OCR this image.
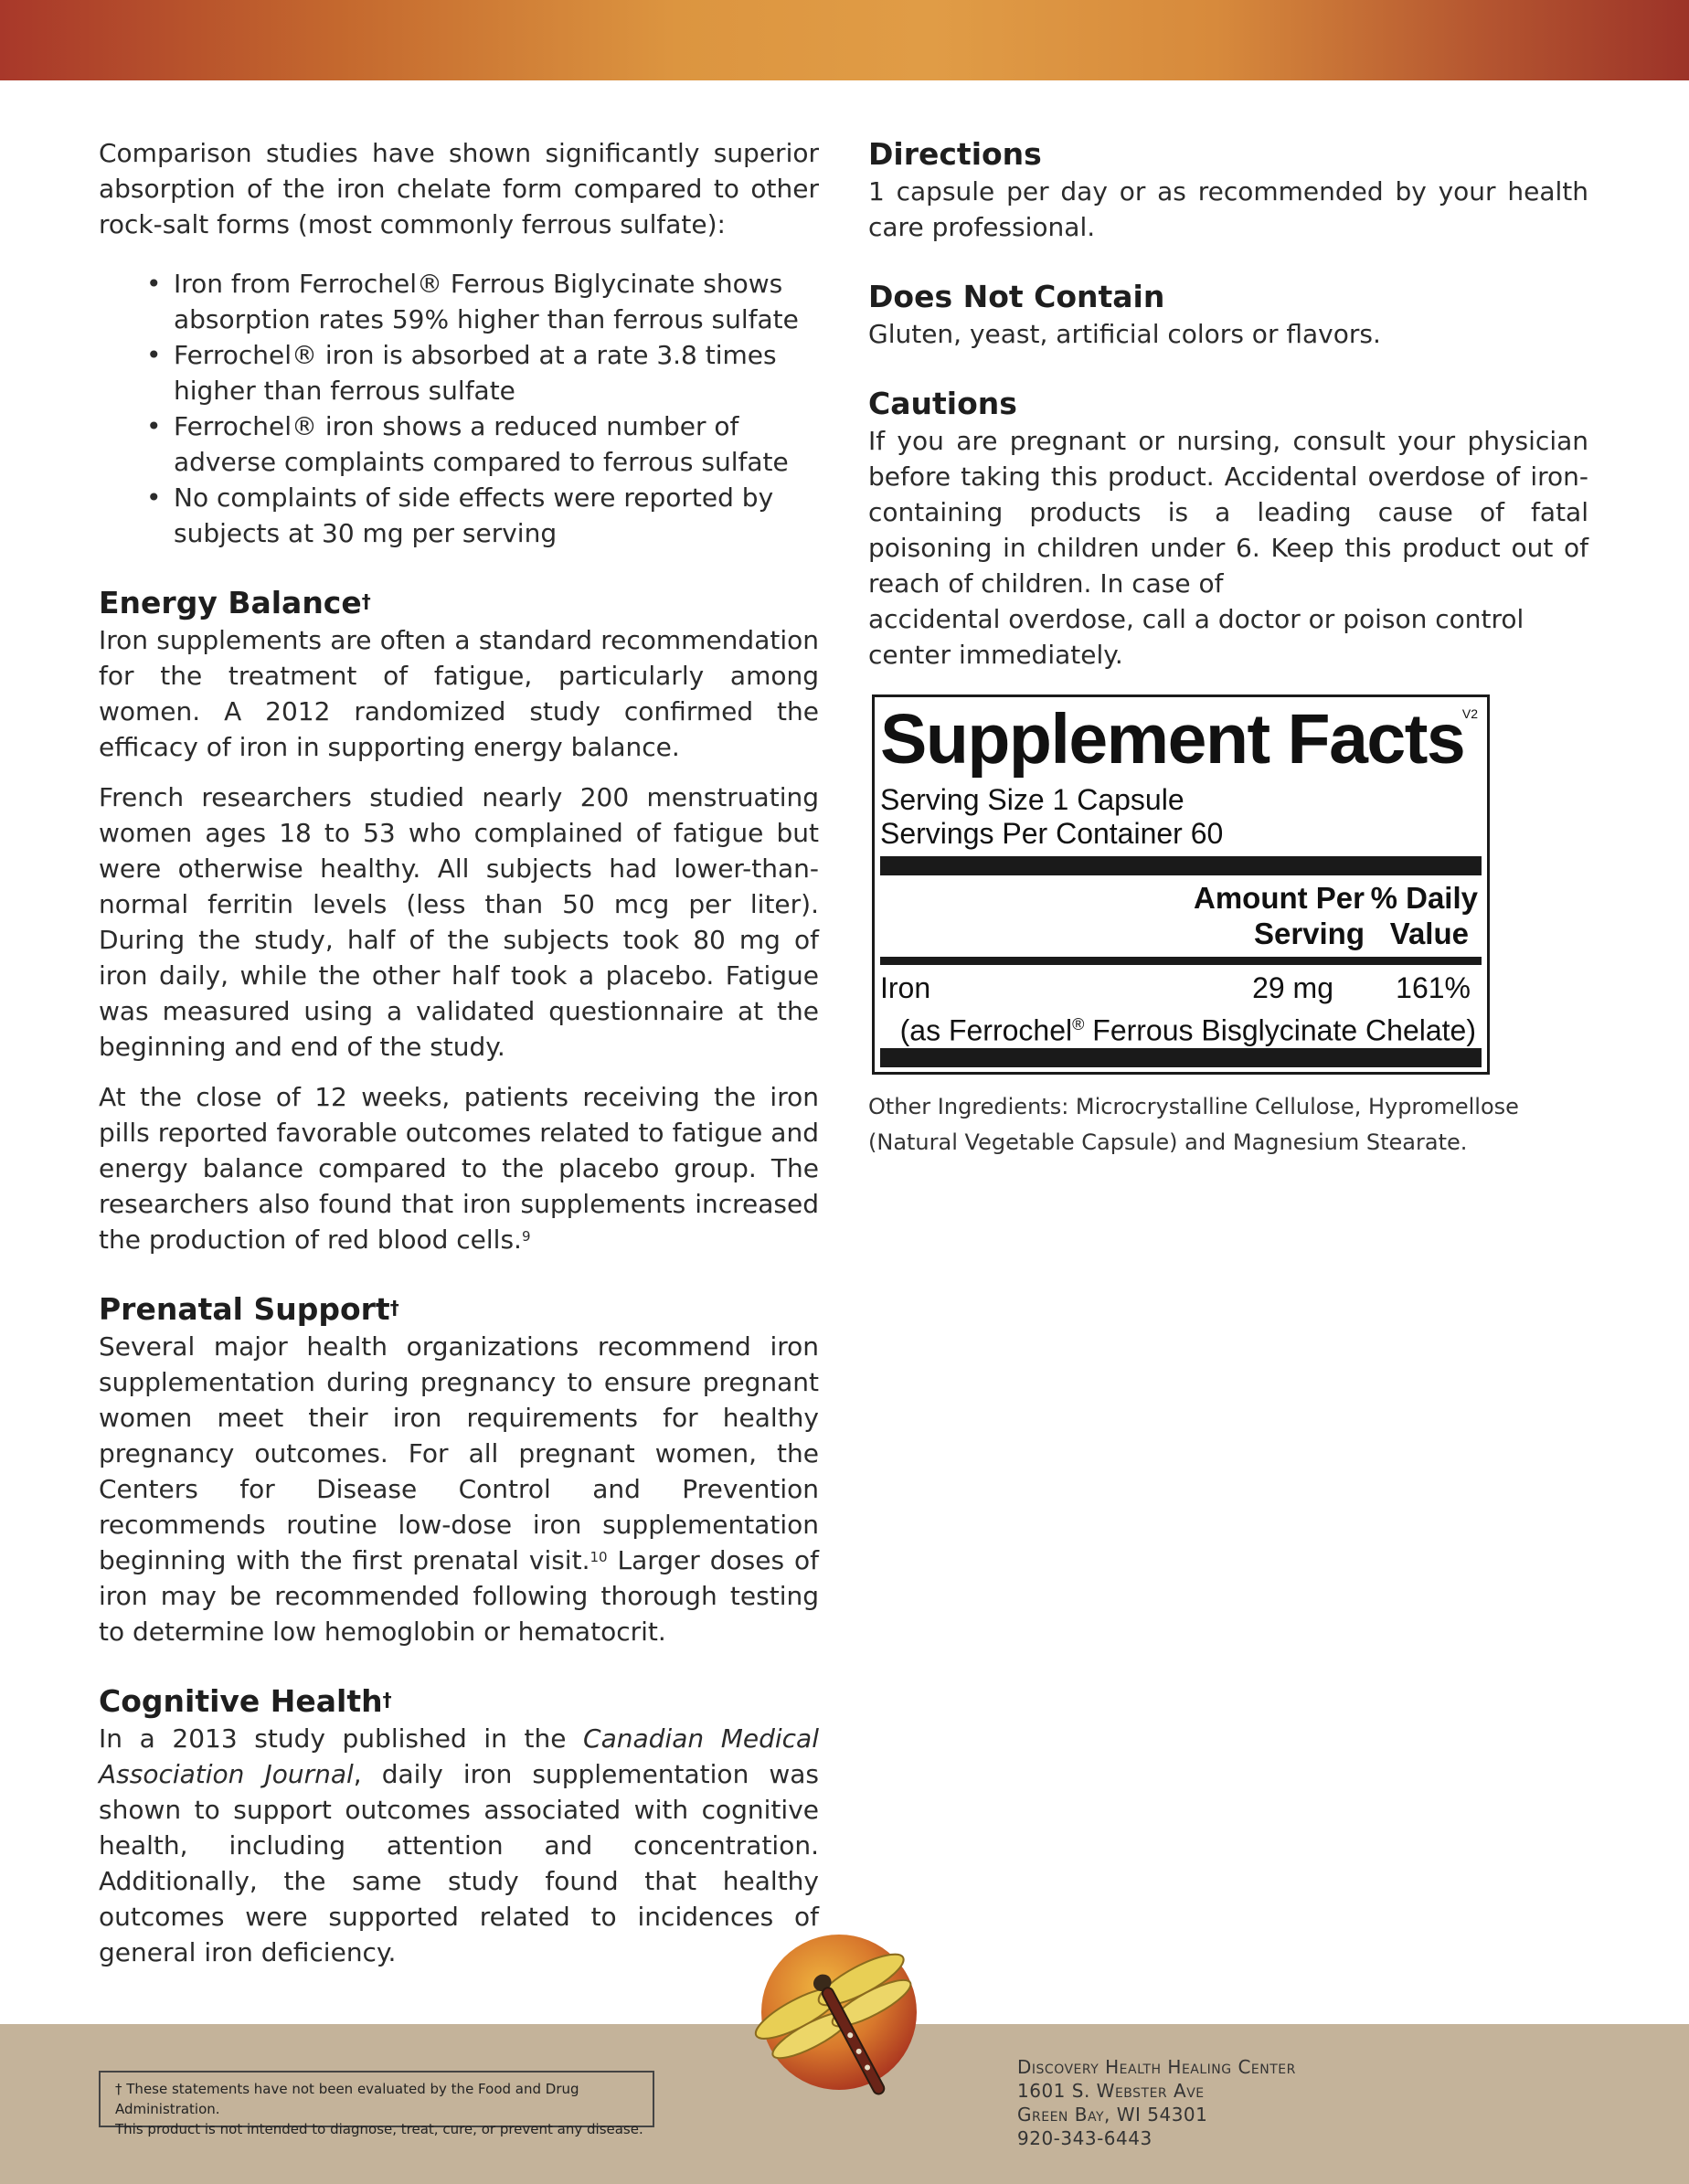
Comparison studies have shown significantly superior absorption of the iron chelate form compared to other rock-salt forms (most commonly ferrous sulfate):

• Iron from Ferrochel® Ferrous Biglycinate shows absorption rates 59% higher than ferrous sulfate
• Ferrochel® iron is absorbed at a rate 3.8 times higher than ferrous sulfate
• Ferrochel® iron shows a reduced number of adverse complaints compared to ferrous sulfate
• No complaints of side effects were reported by subjects at 30 mg per serving
Energy Balance†

Iron supplements are often a standard recommendation for the treatment of fatigue, particularly among women. A 2012 randomized study confirmed the efficacy of iron in supporting energy balance.

French researchers studied nearly 200 menstruating women ages 18 to 53 who complained of fatigue but were otherwise healthy. All subjects had lower-than-normal ferritin levels (less than 50 mcg per liter). During the study, half of the subjects took 80 mg of iron daily, while the other half took a placebo. Fatigue was measured using a validated questionnaire at the beginning and end of the study.

At the close of 12 weeks, patients receiving the iron pills reported favorable outcomes related to fatigue and energy balance compared to the placebo group. The researchers also found that iron supplements increased the production of red blood cells.$^9$

Prenatal Support†

Several major health organizations recommend iron supplementation during pregnancy to ensure pregnant women meet their iron requirements for healthy pregnancy outcomes. For all pregnant women, the Centers for Disease Control and Prevention recommends routine low-dose iron supplementation beginning with the first prenatal visit.$^{10}$ Larger doses of iron may be recommended following thorough testing to determine low hemoglobin or hematocrit.

Cognitive Health†

In a 2013 study published in the Canadian Medical Association Journal, daily iron supplementation was shown to support outcomes associated with cognitive health, including attention and concentration. Additionally, the same study found that healthy outcomes were supported related to incidences of general iron deficiency.

Directions

1 capsule per day or as recommended by your health care professional.

Does Not Contain

Gluten, yeast, artificial colors or flavors.

Cautions

If you are pregnant or nursing, consult your physician before taking this product. Accidental overdose of iron-containing products is a leading cause of fatal poisoning in children under 6. Keep this product out of reach of children. In case of

accidental overdose, call a doctor or poison control

center immediately.

Supplement Facts
V2
Serving Size 1 Capsule
Servings Per Container 60
Amount Per
Serving
% Daily
Value
Iron	29 mg 161%
(as Ferrochel® Ferrous Bisglycinate Chelate)
Other Ingredients: Microcrystalline Cellulose, Hypromellose
(Natural Vegetable Capsule) and Magnesium Stearate.
† These statements have not been evaluated by the Food and Drug Administration.
This product is not intended to diagnose, treat, cure, or prevent any disease.
Discovery Health Healing Center
1601 S. Webster Ave
Green Bay, WI 54301
920-343-6443
